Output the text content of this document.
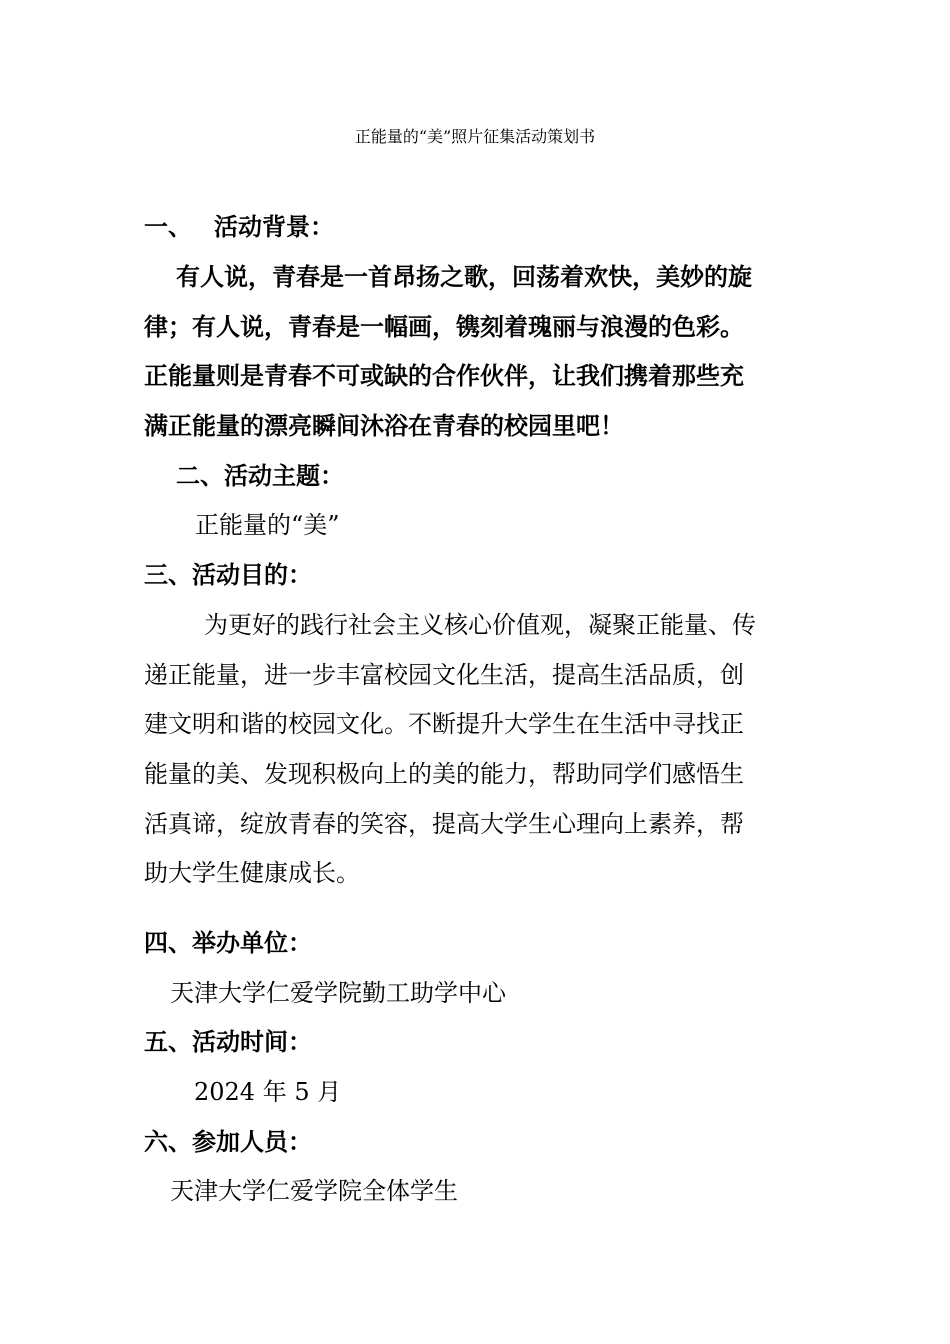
正能量的“美”照片征集活动策划书
一、 活动背景：
有人说，青春是一首昂扬之歌，回荡着欢快，美妙的旋
律；有人说，青春是一幅画，镌刻着瑰丽与浪漫的色彩。
正能量则是青春不可或缺的合作伙伴，让我们携着那些充
满正能量的漂亮瞬间沐浴在青春的校园里吧！
二、活动主题：
正能量的“美”
三、活动目的：
为更好的践行社会主义核心价值观，凝聚正能量、传
递正能量，进一步丰富校园文化生活，提高生活品质，创
建文明和谐的校园文化。不断提升大学生在生活中寻找正
能量的美、发现积极向上的美的能力，帮助同学们感悟生
活真谛，绽放青春的笑容，提高大学生心理向上素养，帮
助大学生健康成长。
四、举办单位：
天津大学仁爱学院勤工助学中心
五、活动时间：
2024 年 5 月
六、参加人员：
天津大学仁爱学院全体学生
